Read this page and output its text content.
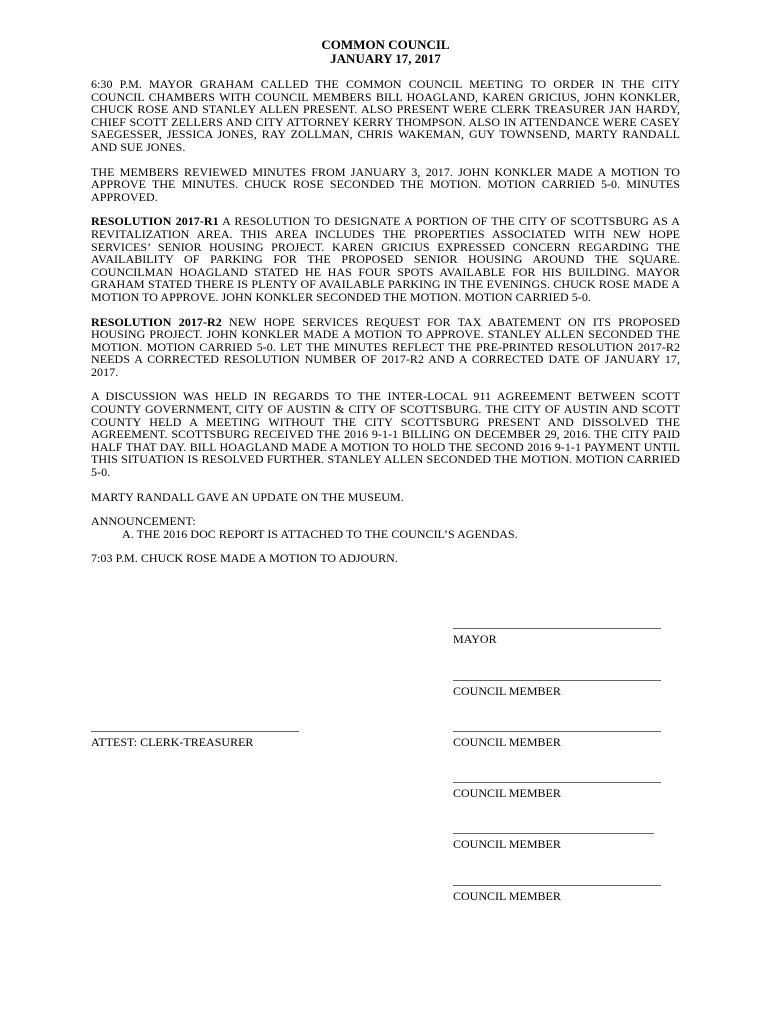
COMMON COUNCIL
JANUARY 17, 2017

6:30 P.M. MAYOR GRAHAM CALLED THE COMMON COUNCIL MEETING TO ORDER IN THE CITY COUNCIL CHAMBERS WITH COUNCIL MEMBERS BILL HOAGLAND, KAREN GRICIUS, JOHN KONKLER, CHUCK ROSE AND STANLEY ALLEN PRESENT. ALSO PRESENT WERE CLERK TREASURER JAN HARDY, CHIEF SCOTT ZELLERS AND CITY ATTORNEY KERRY THOMPSON. ALSO IN ATTENDANCE WERE CASEY SAEGESSER, JESSICA JONES, RAY ZOLLMAN, CHRIS WAKEMAN, GUY TOWNSEND, MARTY RANDALL AND SUE JONES.

THE MEMBERS REVIEWED MINUTES FROM JANUARY 3, 2017. JOHN KONKLER MADE A MOTION TO APPROVE THE MINUTES. CHUCK ROSE SECONDED THE MOTION. MOTION CARRIED 5-0. MINUTES APPROVED.

RESOLUTION 2017-R1 A RESOLUTION TO DESIGNATE A PORTION OF THE CITY OF SCOTTSBURG AS A REVITALIZATION AREA. THIS AREA INCLUDES THE PROPERTIES ASSOCIATED WITH NEW HOPE SERVICES’ SENIOR HOUSING PROJECT. KAREN GRICIUS EXPRESSED CONCERN REGARDING THE AVAILABILITY OF PARKING FOR THE PROPOSED SENIOR HOUSING AROUND THE SQUARE. COUNCILMAN HOAGLAND STATED HE HAS FOUR SPOTS AVAILABLE FOR HIS BUILDING. MAYOR GRAHAM STATED THERE IS PLENTY OF AVAILABLE PARKING IN THE EVENINGS. CHUCK ROSE MADE A MOTION TO APPROVE. JOHN KONKLER SECONDED THE MOTION. MOTION CARRIED 5-0.

RESOLUTION 2017-R2 NEW HOPE SERVICES REQUEST FOR TAX ABATEMENT ON ITS PROPOSED HOUSING PROJECT. JOHN KONKLER MADE A MOTION TO APPROVE. STANLEY ALLEN SECONDED THE MOTION. MOTION CARRIED 5-0. LET THE MINUTES REFLECT THE PRE-PRINTED RESOLUTION 2017-R2 NEEDS A CORRECTED RESOLUTION NUMBER OF 2017-R2 AND A CORRECTED DATE OF JANUARY 17, 2017.

A DISCUSSION WAS HELD IN REGARDS TO THE INTER-LOCAL 911 AGREEMENT BETWEEN SCOTT COUNTY GOVERNMENT, CITY OF AUSTIN & CITY OF SCOTTSBURG. THE CITY OF AUSTIN AND SCOTT COUNTY HELD A MEETING WITHOUT THE CITY SCOTTSBURG PRESENT AND DISSOLVED THE AGREEMENT. SCOTTSBURG RECEIVED THE 2016 9-1-1 BILLING ON DECEMBER 29, 2016. THE CITY PAID HALF THAT DAY. BILL HOAGLAND MADE A MOTION TO HOLD THE SECOND 2016 9-1-1 PAYMENT UNTIL THIS SITUATION IS RESOLVED FURTHER. STANLEY ALLEN SECONDED THE MOTION. MOTION CARRIED 5-0.

MARTY RANDALL GAVE AN UPDATE ON THE MUSEUM.

ANNOUNCEMENT:

A. THE 2016 DOC REPORT IS ATTACHED TO THE COUNCIL’S AGENDAS.

7:03 P.M. CHUCK ROSE MADE A MOTION TO ADJOURN.

MAYOR
COUNCIL MEMBER
ATTEST: CLERK-TREASURER	COUNCIL MEMBER
COUNCIL MEMBER
COUNCIL MEMBER
COUNCIL MEMBER
